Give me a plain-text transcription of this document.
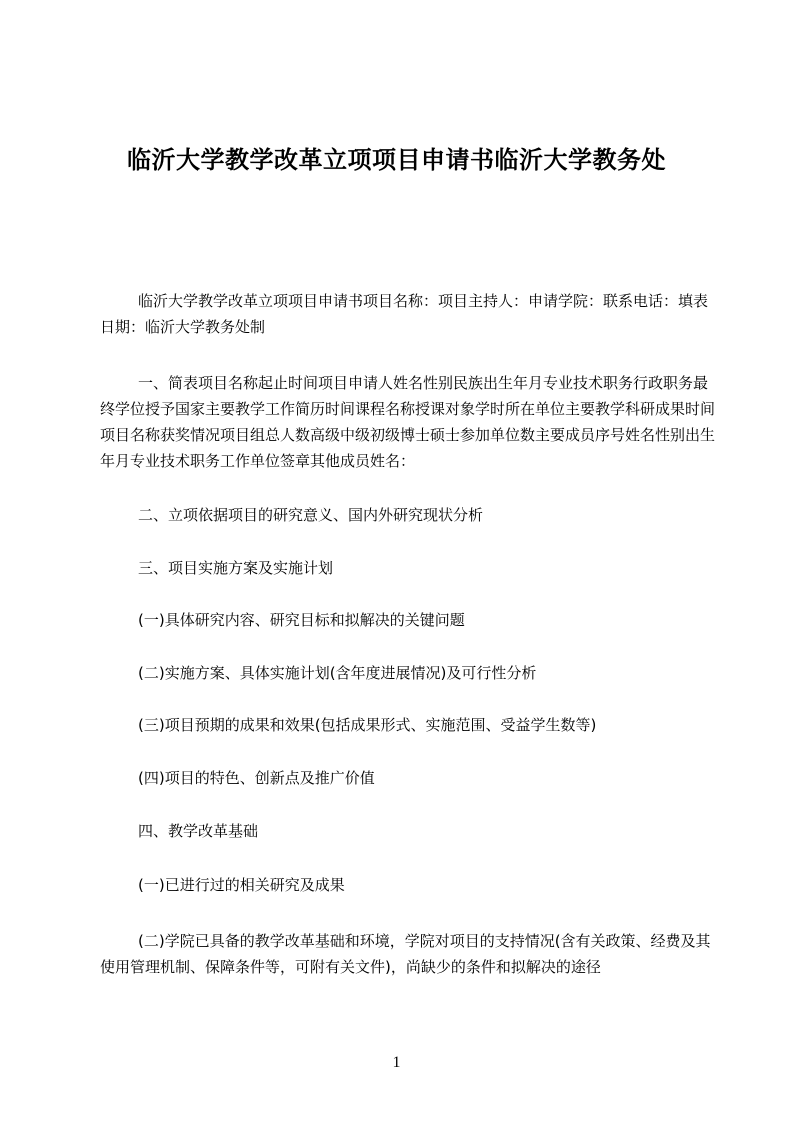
临沂大学教学改革立项项目申请书临沂大学教务处

临沂大学教学改革立项项目申请书项目名称：项目主持人：申请学院：联系电话：填表日期：临沂大学教务处制

一、简表项目名称起止时间项目申请人姓名性别民族出生年月专业技术职务行政职务最终学位授予国家主要教学工作简历时间课程名称授课对象学时所在单位主要教学科研成果时间项目名称获奖情况项目组总人数高级中级初级博士硕士参加单位数主要成员序号姓名性别出生年月专业技术职务工作单位签章其他成员姓名：

二、立项依据项目的研究意义、国内外研究现状分析
三、项目实施方案及实施计划
(一)具体研究内容、研究目标和拟解决的关键问题
(二)实施方案、具体实施计划(含年度进展情况)及可行性分析
(三)项目预期的成果和效果(包括成果形式、实施范围、受益学生数等)
(四)项目的特色、创新点及推广价值
四、教学改革基础
(一)已进行过的相关研究及成果

(二)学院已具备的教学改革基础和环境，学院对项目的支持情况(含有关政策、经费及其使用管理机制、保障条件等，可附有关文件)，尚缺少的条件和拟解决的途径

1
